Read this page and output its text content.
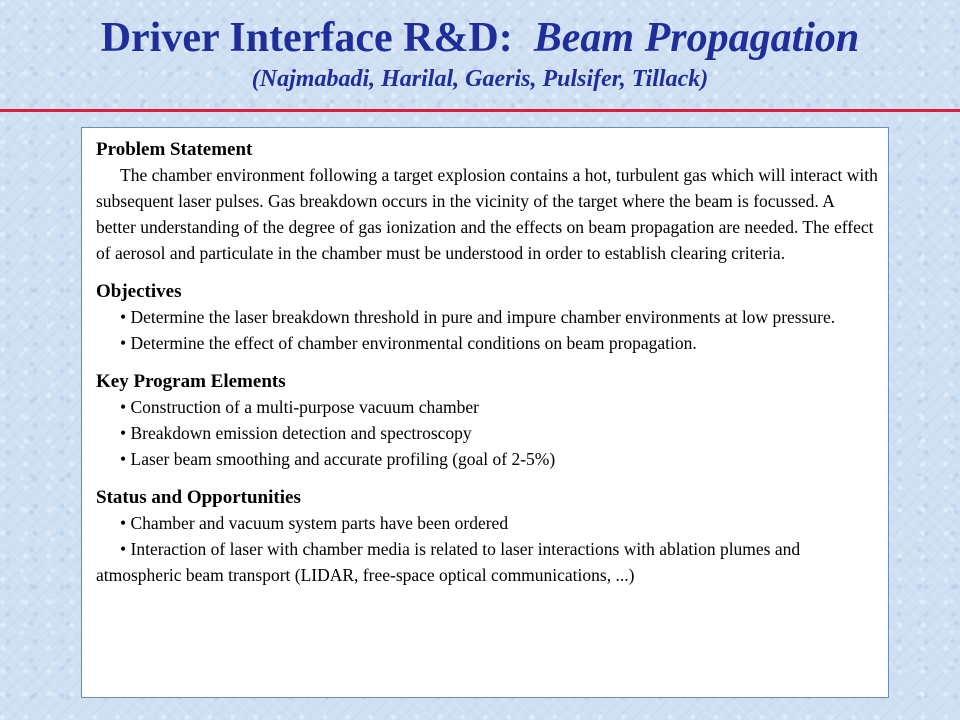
Driver Interface R&D: Beam Propagation
(Najmabadi, Harilal, Gaeris, Pulsifer, Tillack)

Problem Statement

The chamber environment following a target explosion contains a hot, turbulent gas which will interact with subsequent laser pulses. Gas breakdown occurs in the vicinity of the target where the beam is focussed. A better understanding of the degree of gas ionization and the effects on beam propagation are needed. The effect of aerosol and particulate in the chamber must be understood in order to establish clearing criteria.

Objectives

• Determine the laser breakdown threshold in pure and impure chamber environments at low pressure.

• Determine the effect of chamber environmental conditions on beam propagation.

Key Program Elements

• Construction of a multi-purpose vacuum chamber

• Breakdown emission detection and spectroscopy

• Laser beam smoothing and accurate profiling (goal of 2-5%)

Status and Opportunities

• Chamber and vacuum system parts have been ordered

• Interaction of laser with chamber media is related to laser interactions with ablation plumes and atmospheric beam transport (LIDAR, free-space optical communications, ...)
